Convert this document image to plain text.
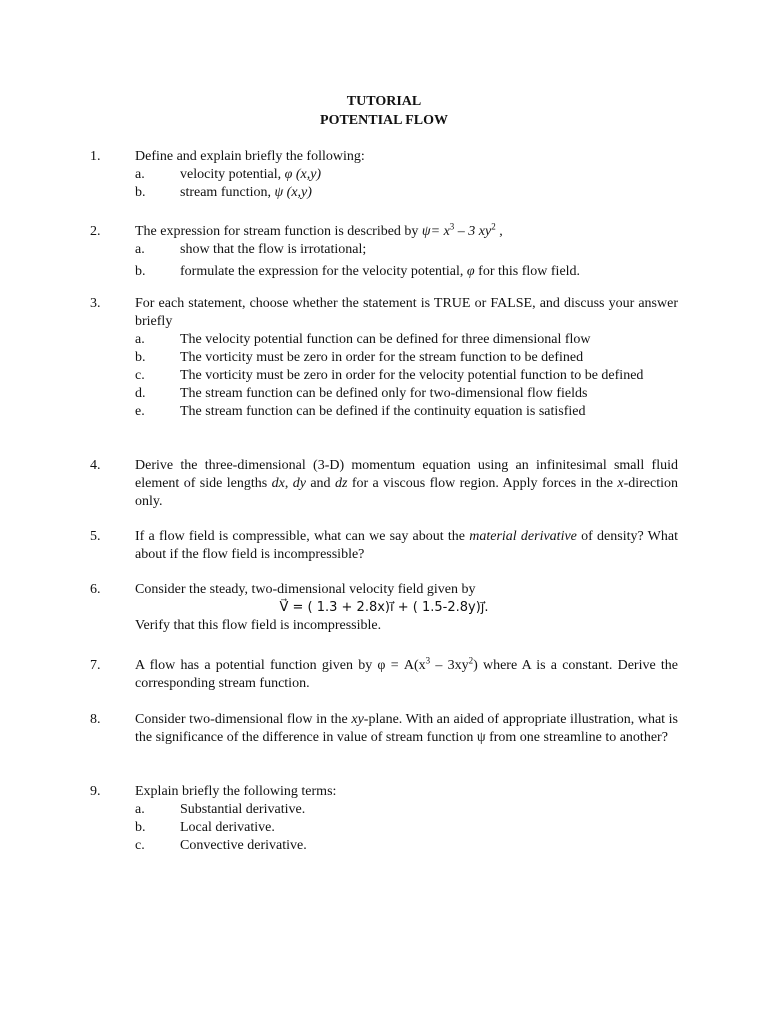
TUTORIAL
POTENTIAL FLOW
1. Define and explain briefly the following:
a.	velocity potential, φ (x,y)
b. stream function, ψ (x,y)
2. The expression for stream function is described by $\psi= x^3 - 3$ $xy^2$ ,
a.	show that the flow is irrotational;
b. formulate the expression for the velocity potential, φ for this flow field.
3. For each statement, choose whether the statement is TRUE or FALSE, and discuss your answer briefly
a.	The velocity potential function can be defined for three dimensional flow
b. The vorticity must be zero in order for the stream function to be defined
c.	The vorticity must be zero in order for the velocity potential function to be defined
d. The stream function can be defined only for two-dimensional flow fields
e.	The stream function can be defined if the continuity equation is satisfied
4. Derive the three-dimensional (3-D) momentum equation using an infinitesimal small fluid element of side lengths dx, dy and dz for a viscous flow region. Apply forces in the x-direction only.
5. If a flow field is compressible, what can we say about the material derivative of density? What about if the flow field is incompressible?
6. Consider the steady, two-dimensional velocity field given by
V⃗ = ( 1.3 + 2.8x)i⃗ + ( 1.5-2.8y)j⃗.
Verify that this flow field is incompressible.
7. A flow has a potential function given by $\varphi = A(x^3 - 3xy^2)$ where A is a constant. Derive the corresponding stream function.
8. Consider two-dimensional flow in the xy-plane. With an aided of appropriate illustration, what is the significance of the difference in value of stream function ψ from one streamline to another?
9. Explain briefly the following terms:
a.	Substantial derivative.
b. Local derivative.
c.	Convective derivative.
